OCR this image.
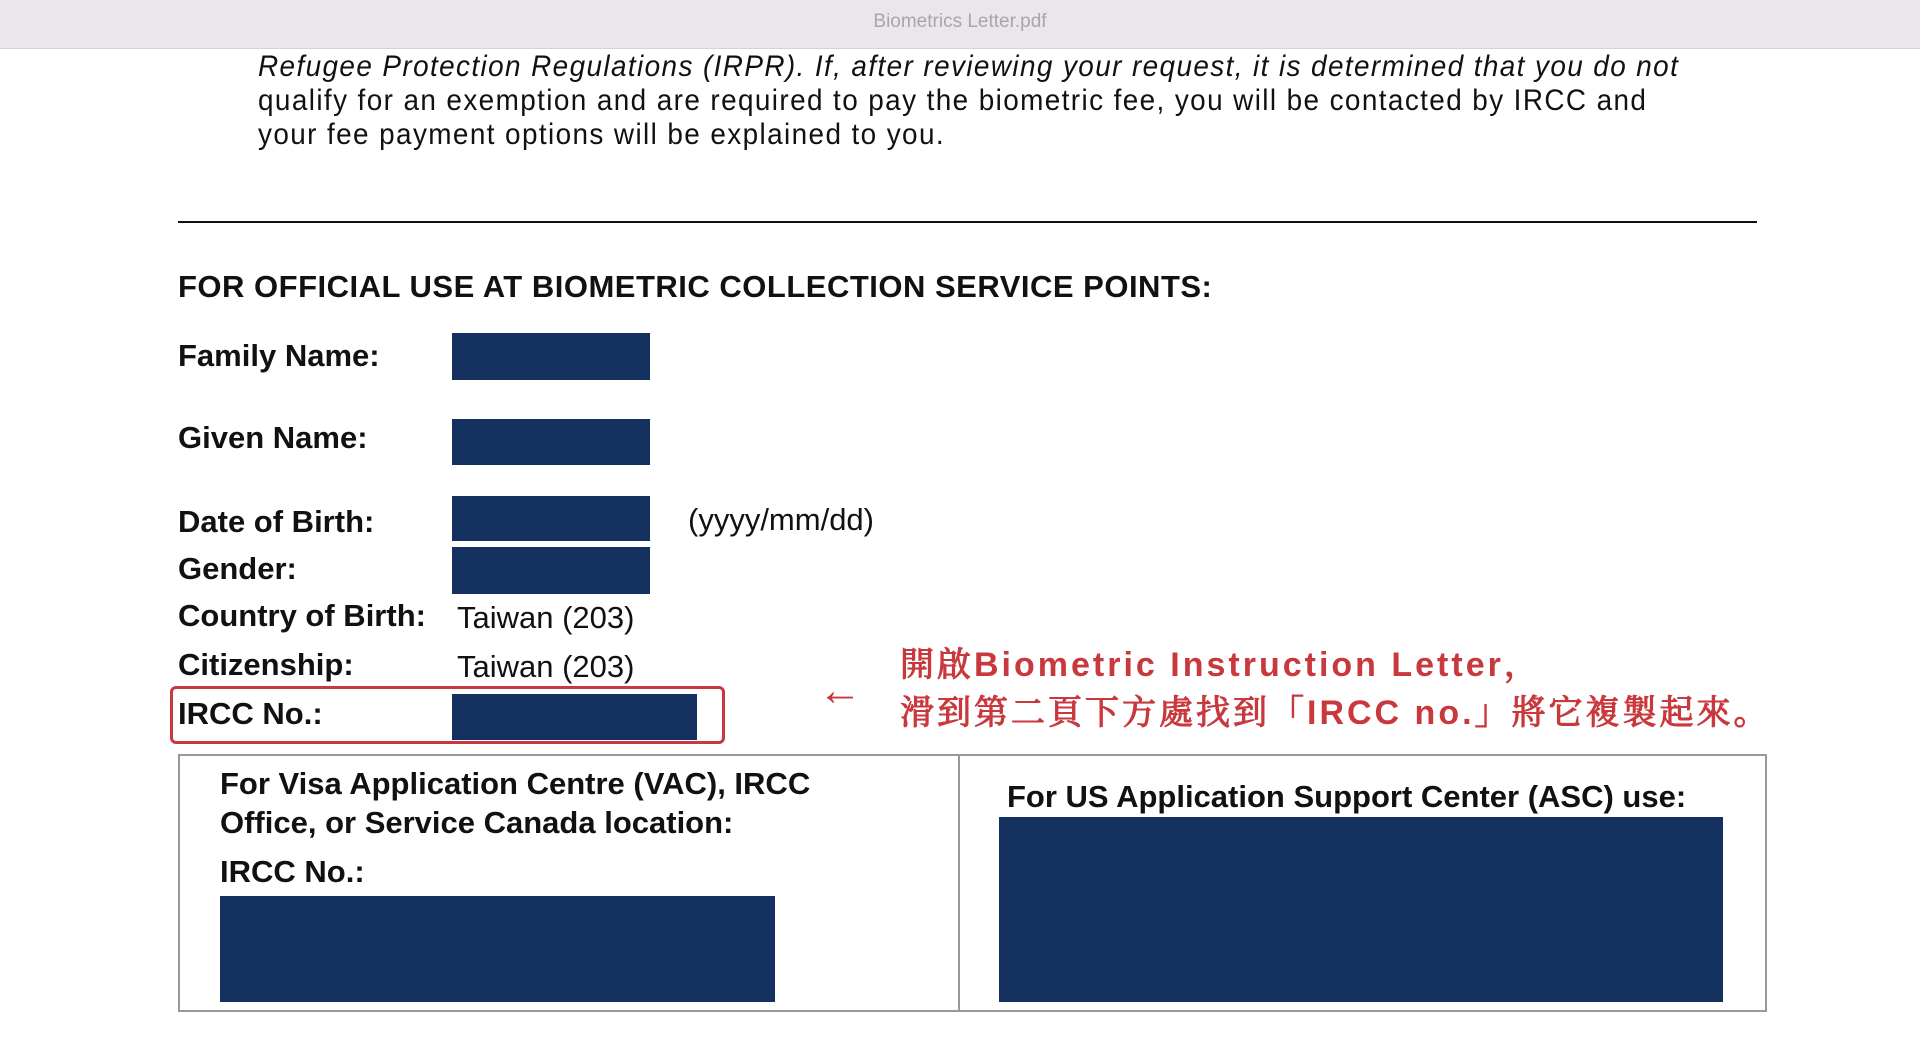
Biometrics Letter.pdf
Refugee Protection Regulations (IRPR). If, after reviewing your request, it is determined that you do not
qualify for an exemption and are required to pay the biometric fee, you will be contacted by IRCC and
your fee payment options will be explained to you.
FOR OFFICIAL USE AT BIOMETRIC COLLECTION SERVICE POINTS:
Family Name:
Given Name:
Date of Birth:	(yyyy/mm/dd)
Gender:
Country of Birth: Taiwan (203)
Citizenship:	Taiwan (203)
IRCC No.:	←
開啟Biometric Instruction Letter，
滑到第二頁下方處找到「IRCC no.」將它複製起來。
For Visa Application Centre (VAC), IRCC
Office, or Service Canada location:
IRCC No.:
For US Application Support Center (ASC) use:
